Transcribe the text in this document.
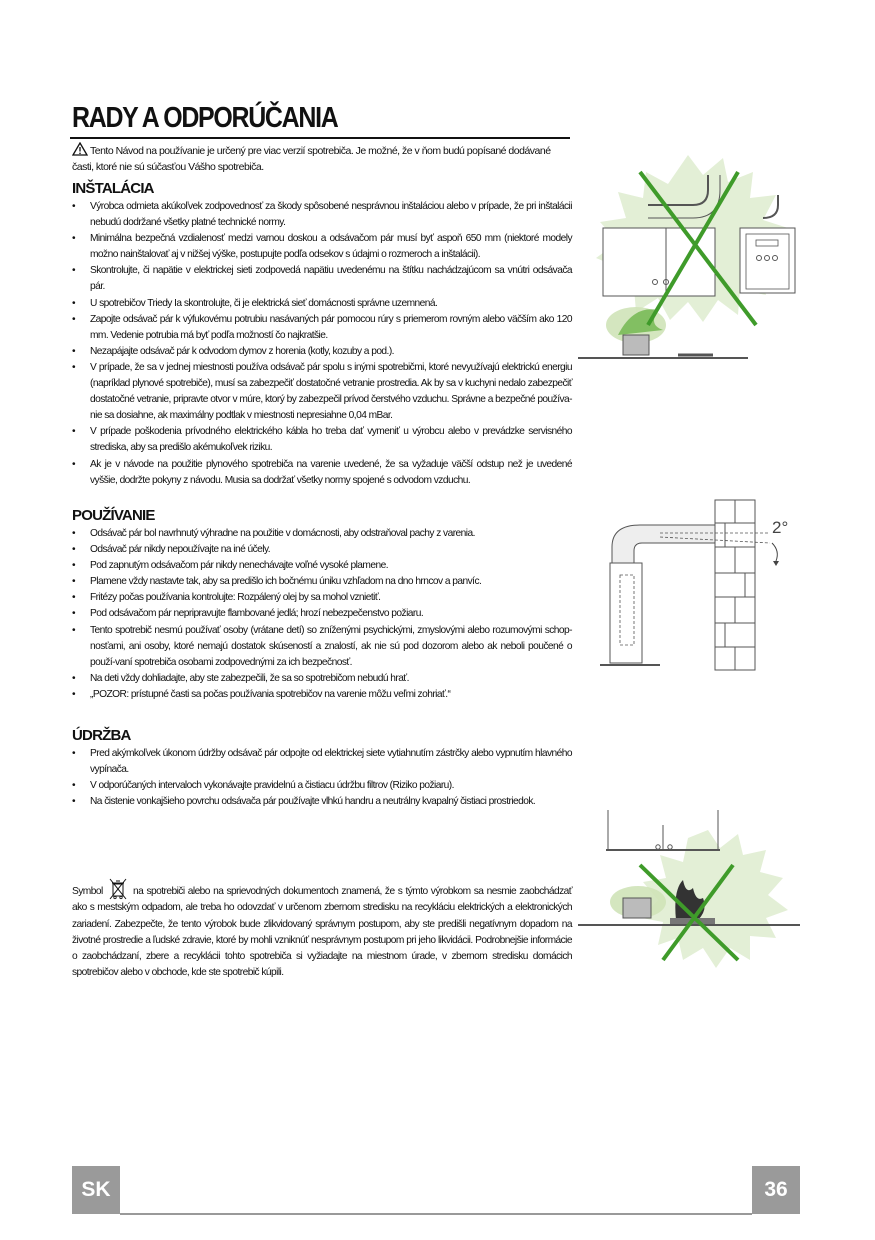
RADY A ODPORÚČANIA
Tento Návod na používanie je určený pre viac verzií spotrebiča. Je možné, že v ňom budú popísané dodávané časti, ktoré nie sú súčasťou Vášho spotrebiča.
INŠTALÁCIA
• Výrobca odmieta akúkoľvek zodpovednosť za škody spôsobené nesprávnou inštaláciou alebo v prípade, že pri inštalácii nebudú dodržané všetky platné technické normy.
• Minimálna bezpečná vzdialenosť medzi varnou doskou a odsávačom pár musí byť aspoň 650 mm (niektoré modely možno nainštalovať aj v nižšej výške, postupujte podľa odsekov s údajmi o rozmeroch a inštalácii).
• Skontrolujte, či napätie v elektrickej sieti zodpovedá napätiu uvedenému na štítku nachádzajúcom sa vnútri odsávača pár.
• U spotrebičov Triedy Ia skontrolujte, či je elektrická sieť domácnosti správne uzemnená.
• Zapojte odsávač pár k výfukovému potrubiu nasávaných pár pomocou rúry s priemerom rovným alebo väčším ako 120 mm. Vedenie potrubia má byť podľa možností čo najkratšie.
• Nezapájajte odsávač pár k odvodom dymov z horenia (kotly, kozuby a pod.).
• V prípade, že sa v jednej miestnosti používa odsávač pár spolu s inými spotrebičmi, ktoré nevyužívajú elektrickú energiu (napríklad plynové spotrebiče), musí sa zabezpečiť dostatočné vetranie prostredia. Ak by sa v kuchyni nedalo zabezpečiť dostatočné vetranie, pripravte otvor v múre, ktorý by zabezpečil prívod čerstvého vzduchu. Správne a bezpečné používa-nie sa dosiahne, ak maximálny podtlak v miestnosti nepresiahne 0,04 mBar.
• V prípade poškodenia prívodného elektrického kábla ho treba dať vymeniť u výrobcu alebo v prevádzke servisného strediska, aby sa predišlo akémukoľvek riziku.
• Ak je v návode na použitie plynového spotrebiča na varenie uvedené, že sa vyžaduje väčší odstup než je uvedené vyššie, dodržte pokyny z návodu. Musia sa dodržať všetky normy spojené s odvodom vzduchu.
POUŽÍVANIE
• Odsávač pár bol navrhnutý výhradne na použitie v domácnosti, aby odstraňoval pachy z varenia.
• Odsávač pár nikdy nepoužívajte na iné účely.
• Pod zapnutým odsávačom pár nikdy nenechávajte voľné vysoké plamene.
• Plamene vždy nastavte tak, aby sa predišlo ich bočnému úniku vzhľadom na dno hrncov a panvíc.
• Fritézy počas používania kontrolujte: Rozpálený olej by sa mohol vznietiť.
• Pod odsávačom pár nepripravujte flambované jedlá; hrozí nebezpečenstvo požiaru.
• Tento spotrebič nesmú používať osoby (vrátane detí) so zníženými psychickými, zmyslovými alebo rozumovými schop-nosťami, ani osoby, ktoré nemajú dostatok skúseností a znalostí, ak nie sú pod dozorom alebo ak neboli poučené o použí-vaní spotrebiča osobami zodpovednými za ich bezpečnosť.
• Na deti vždy dohliadajte, aby ste zabezpečili, že sa so spotrebičom nebudú hrať.
• „POZOR: prístupné časti sa počas používania spotrebičov na varenie môžu veľmi zohriať.“
ÚDRŽBA
• Pred akýmkoľvek úkonom údržby odsávač pár odpojte od elektrickej siete vytiahnutím zástrčky alebo vypnutím hlavného vypínača.
• V odporúčaných intervaloch vykonávajte pravidelnú a čistiacu údržbu filtrov (Riziko požiaru).
• Na čistenie vonkajšieho povrchu odsávača pár používajte vlhkú handru a neutrálny kvapalný čistiaci prostriedok.
Symbol	na spotrebiči alebo na sprievodných dokumentoch znamená, že s týmto výrobkom sa nesmie zaobchádzať ako s mestským odpadom, ale treba ho odovzdať v určenom zbernom stredisku na recykláciu elektrických a elektronických zariadení. Zabezpečte, že tento výrobok bude zlikvidovaný správnym postupom, aby ste predišli negatívnym dopadom na životné prostredie a ľudské zdravie, ktoré by mohli vzniknúť nesprávnym postupom pri jeho likvidácii. Podrobnejšie informácie o zaobchádzaní, zbere a recyklácii tohto spotrebiča si vyžiadajte na miestnom úrade, v zbernom stredisku domácich spotrebičov alebo v obchode, kde ste spotrebič kúpili.
2°
SK	36
